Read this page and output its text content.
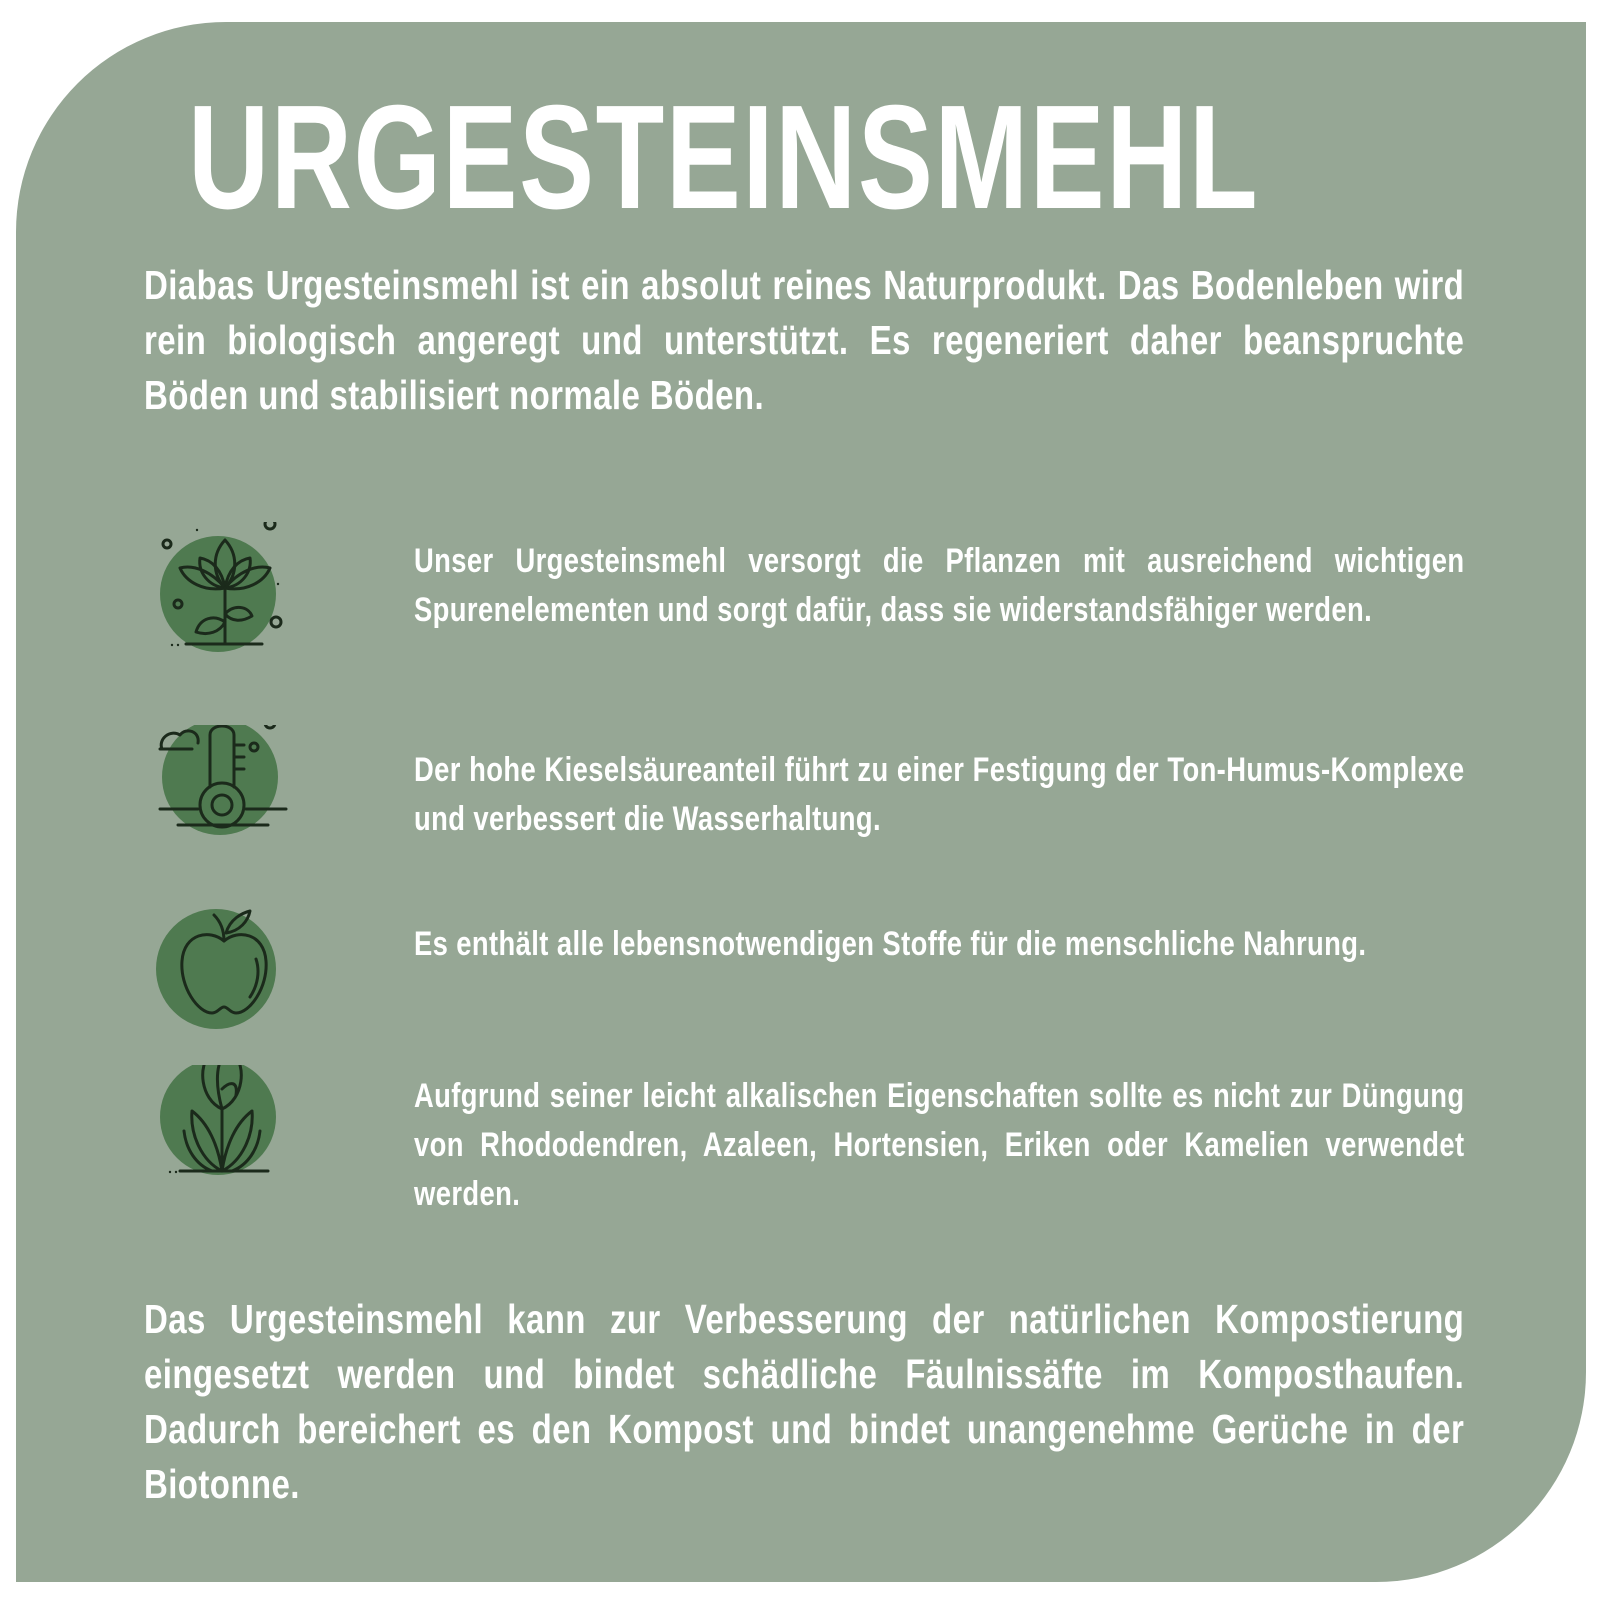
URGESTEINSMEHL

Diabas Urgesteinsmehl ist ein absolut reines Naturprodukt. Das Bodenleben wird rein biologisch angeregt und unterstützt. Es regeneriert daher beanspruchte Böden und stabilisiert normale Böden.

Unser Urgesteinsmehl versorgt die Pflanzen mit ausreichend wichtigen Spurenelementen und sorgt dafür, dass sie widerstandsfähiger werden.

Der hohe Kieselsäureanteil führt zu einer Festigung der Ton-Humus-Komplexe und verbessert die Wasserhaltung.

Es enthält alle lebensnotwendigen Stoffe für die menschliche Nahrung.

Aufgrund seiner leicht alkalischen Eigenschaften sollte es nicht zur Düngung von Rhododendren, Azaleen, Hortensien, Eriken oder Kamelien verwendet werden.

Das Urgesteinsmehl kann zur Verbesserung der natürlichen Kompostierung eingesetzt werden und bindet schädliche Fäulnissäfte im Komposthaufen. Dadurch bereichert es den Kompost und bindet unangenehme Gerüche in der Biotonne.
